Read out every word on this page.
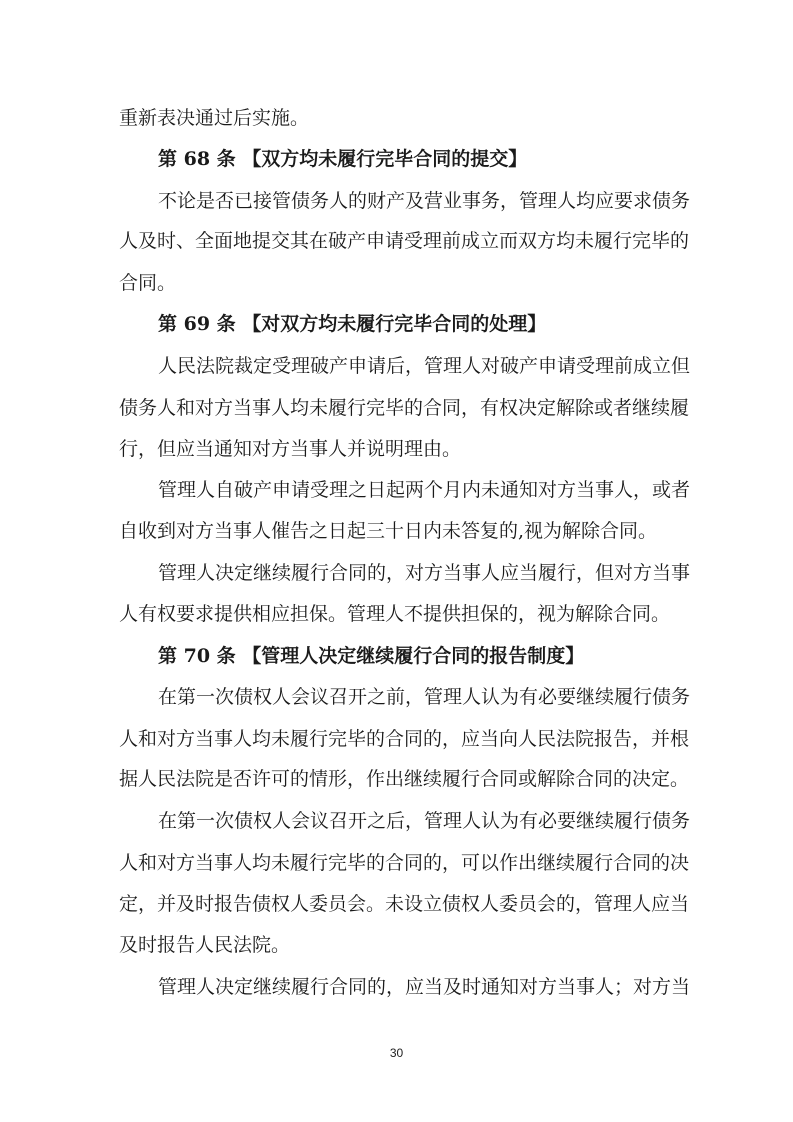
重新表决通过后实施。
第 68 条 【双方均未履行完毕合同的提交】
不论是否已接管债务人的财产及营业事务，管理人均应要求债务
人及时、全面地提交其在破产申请受理前成立而双方均未履行完毕的
合同。
第 69 条 【对双方均未履行完毕合同的处理】
人民法院裁定受理破产申请后，管理人对破产申请受理前成立但
债务人和对方当事人均未履行完毕的合同，有权决定解除或者继续履
行，但应当通知对方当事人并说明理由。
管理人自破产申请受理之日起两个月内未通知对方当事人，或者
自收到对方当事人催告之日起三十日内未答复的,视为解除合同。
管理人决定继续履行合同的，对方当事人应当履行，但对方当事
人有权要求提供相应担保。管理人不提供担保的，视为解除合同。
第 70 条 【管理人决定继续履行合同的报告制度】
在第一次债权人会议召开之前，管理人认为有必要继续履行债务
人和对方当事人均未履行完毕的合同的，应当向人民法院报告，并根
据人民法院是否许可的情形，作出继续履行合同或解除合同的决定。
在第一次债权人会议召开之后，管理人认为有必要继续履行债务
人和对方当事人均未履行完毕的合同的，可以作出继续履行合同的决
定，并及时报告债权人委员会。未设立债权人委员会的，管理人应当
及时报告人民法院。
管理人决定继续履行合同的，应当及时通知对方当事人；对方当
30
